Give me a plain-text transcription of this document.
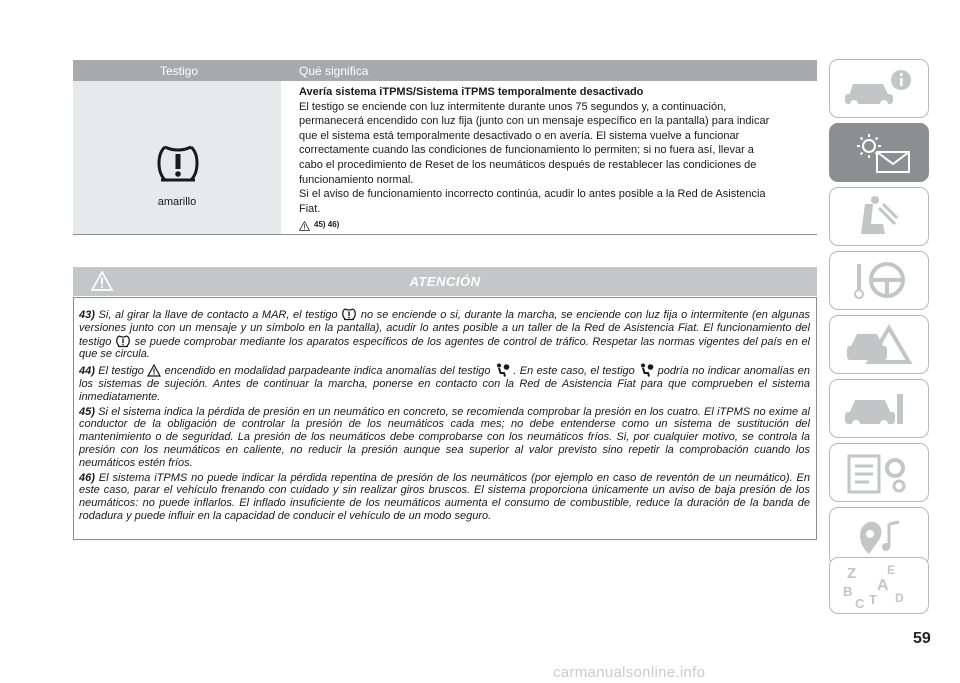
Testigo	Qué significa
amarillo
Avería sistema iTPMS/Sistema iTPMS temporalmente desactivado
El testigo se enciende con luz intermitente durante unos 75 segundos y, a continuación,
permanecerá encendido con luz fija (junto con un mensaje específico en la pantalla) para indicar
que el sistema está temporalmente desactivado o en avería. El sistema vuelve a funcionar
correctamente cuando las condiciones de funcionamiento lo permiten; si no fuera así, llevar a
cabo el procedimiento de Reset de los neumáticos después de restablecer las condiciones de
funcionamiento normal.
Si el aviso de funcionamiento incorrecto continúa, acudir lo antes posible a la Red de Asistencia
Fiat.
45) 46)
ATENCIÓN

43) Si, al girar la llave de contacto a MAR, el testigo no se enciende o si, durante la marcha, se enciende con luz fija o intermitente (en algunas versiones junto con un mensaje y un símbolo en la pantalla), acudir lo antes posible a un taller de la Red de Asistencia Fiat. El funcionamiento del testigo se puede comprobar mediante los aparatos específicos de los agentes de control de tráfico. Respetar las normas vigentes del país en el que se circula.

44) El testigo encendido en modalidad parpadeante indica anomalías del testigo . En este caso, el testigo podría no indicar anomalías en los sistemas de sujeción. Antes de continuar la marcha, ponerse en contacto con la Red de Asistencia Fiat para que comprueben el sistema inmediatamente.

45) Si el sistema indica la pérdida de presión en un neumático en concreto, se recomienda comprobar la presión en los cuatro. El iTPMS no exime al conductor de la obligación de controlar la presión de los neumáticos cada mes; no debe entenderse como un sistema de sustitución del mantenimiento o de seguridad. La presión de los neumáticos debe comprobarse con los neumáticos fríos. Si, por cualquier motivo, se controla la presión con los neumáticos en caliente, no reducir la presión aunque sea superior al valor previsto sino repetir la comprobación cuando los neumáticos estén fríos.

46) El sistema iTPMS no puede indicar la pérdida repentina de presión de los neumáticos (por ejemplo en caso de reventón de un neumático). En este caso, parar el vehículo frenando con cuidado y sin realizar giros bruscos. El sistema proporciona únicamente un aviso de baja presión de los neumáticos: no puede inflarlos. El inflado insuficiente de los neumáticos aumenta el consumo de combustible, reduce la duración de la banda de rodadura y puede influir en la capacidad de conducir el vehículo de un modo seguro.

Z	E
A
B
C T D
59
carmanualsonline.info
